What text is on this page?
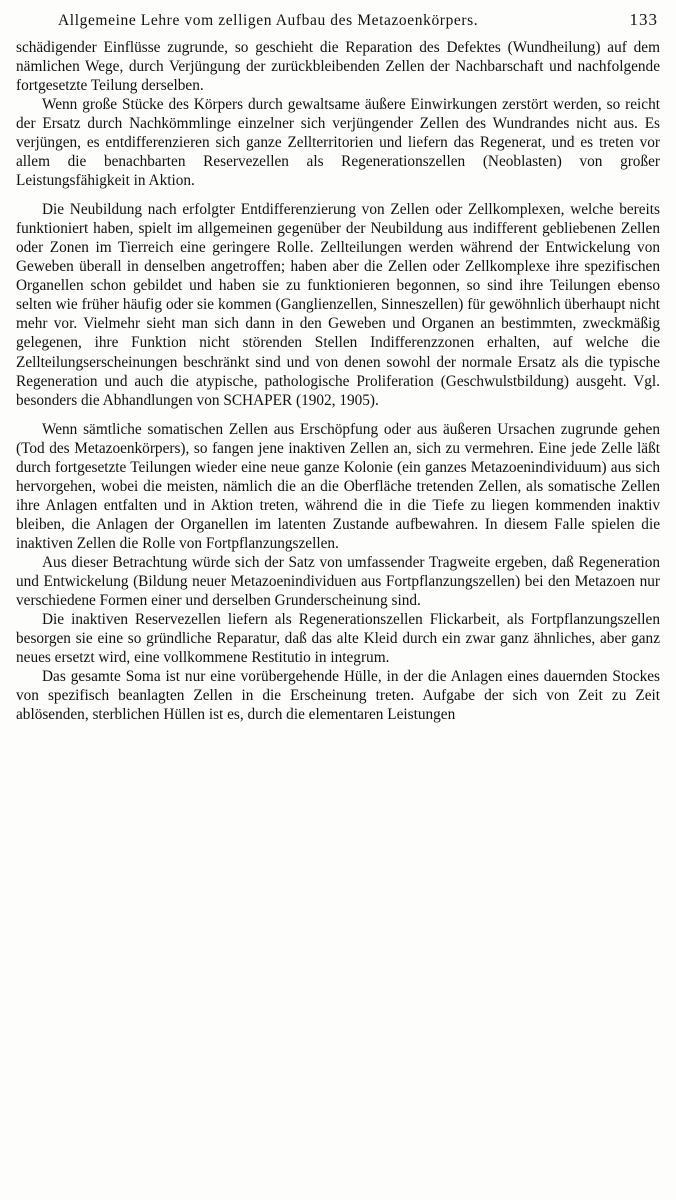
Allgemeine Lehre vom zelligen Aufbau des Metazoenkörpers.	133

schädigender Einflüsse zugrunde, so geschieht die Reparation des Defektes (Wundheilung) auf dem nämlichen Wege, durch Verjüngung der zurückbleibenden Zellen der Nachbarschaft und nachfolgende fortgesetzte Teilung derselben.

Wenn große Stücke des Körpers durch gewaltsame äußere Einwirkungen zerstört werden, so reicht der Ersatz durch Nachkömmlinge einzelner sich verjüngender Zellen des Wundrandes nicht aus. Es verjüngen, es entdifferenzieren sich ganze Zellterritorien und liefern das Regenerat, und es treten vor allem die benachbarten Reservezellen als Regenerationszellen (Neoblasten) von großer Leistungsfähigkeit in Aktion.

Die Neubildung nach erfolgter Entdifferenzierung von Zellen oder Zellkomplexen, welche bereits funktioniert haben, spielt im allgemeinen gegenüber der Neubildung aus indifferent gebliebenen Zellen oder Zonen im Tierreich eine geringere Rolle. Zellteilungen werden während der Entwickelung von Geweben überall in denselben angetroffen; haben aber die Zellen oder Zellkomplexe ihre spezifischen Organellen schon gebildet und haben sie zu funktionieren begonnen, so sind ihre Teilungen ebenso selten wie früher häufig oder sie kommen (Ganglienzellen, Sinneszellen) für gewöhnlich überhaupt nicht mehr vor. Vielmehr sieht man sich dann in den Geweben und Organen an bestimmten, zweckmäßig gelegenen, ihre Funktion nicht störenden Stellen Indifferenzzonen erhalten, auf welche die Zellteilungserscheinungen beschränkt sind und von denen sowohl der normale Ersatz als die typische Regeneration und auch die atypische, pathologische Proliferation (Geschwulstbildung) ausgeht. Vgl. besonders die Abhandlungen von SCHAPER (1902, 1905).

Wenn sämtliche somatischen Zellen aus Erschöpfung oder aus äußeren Ursachen zugrunde gehen (Tod des Metazoenkörpers), so fangen jene inaktiven Zellen an, sich zu vermehren. Eine jede Zelle läßt durch fortgesetzte Teilungen wieder eine neue ganze Kolonie (ein ganzes Metazoenindividuum) aus sich hervorgehen, wobei die meisten, nämlich die an die Oberfläche tretenden Zellen, als somatische Zellen ihre Anlagen entfalten und in Aktion treten, während die in die Tiefe zu liegen kommenden inaktiv bleiben, die Anlagen der Organellen im latenten Zustande aufbewahren. In diesem Falle spielen die inaktiven Zellen die Rolle von Fortpflanzungszellen.

Aus dieser Betrachtung würde sich der Satz von umfassender Tragweite ergeben, daß Regeneration und Entwickelung (Bildung neuer Metazoenindividuen aus Fortpflanzungszellen) bei den Metazoen nur verschiedene Formen einer und derselben Grunderscheinung sind.

Die inaktiven Reservezellen liefern als Regenerationszellen Flickarbeit, als Fortpflanzungszellen besorgen sie eine so gründliche Reparatur, daß das alte Kleid durch ein zwar ganz ähnliches, aber ganz neues ersetzt wird, eine vollkommene Restitutio in integrum.

Das gesamte Soma ist nur eine vorübergehende Hülle, in der die Anlagen eines dauernden Stockes von spezifisch beanlagten Zellen in die Erscheinung treten. Aufgabe der sich von Zeit zu Zeit ablösenden, sterblichen Hüllen ist es, durch die elementaren Leistungen
